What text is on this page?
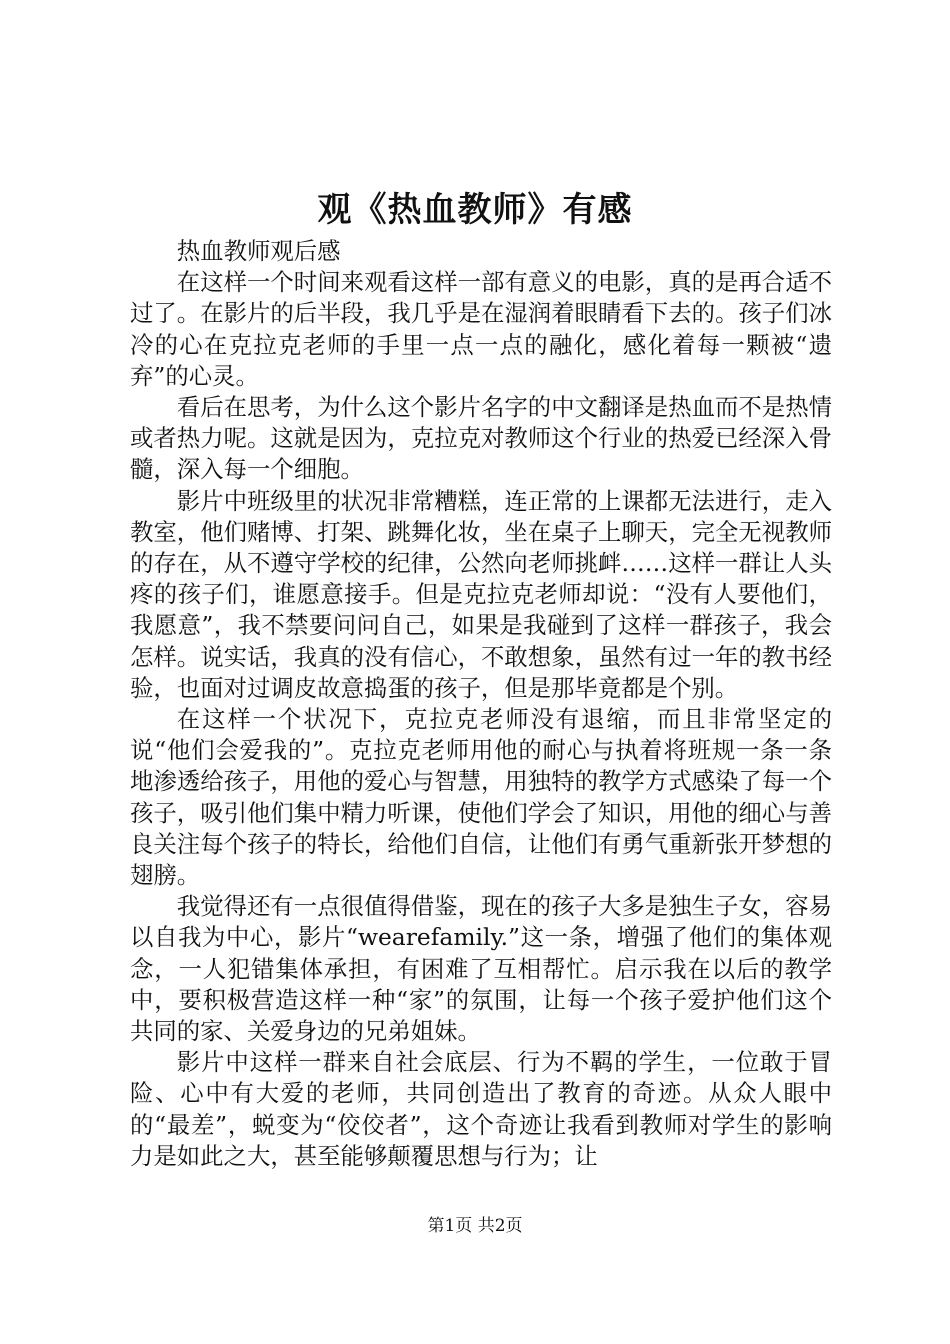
观《热血教师》有感

热血教师观后感

在这样一个时间来观看这样一部有意义的电影，真的是再合适不过了。在影片的后半段，我几乎是在湿润着眼睛看下去的。孩子们冰冷的心在克拉克老师的手里一点一点的融化，感化着每一颗被“遗弃”的心灵。

看后在思考，为什么这个影片名字的中文翻译是热血而不是热情或者热力呢。这就是因为，克拉克对教师这个行业的热爱已经深入骨髓，深入每一个细胞。

影片中班级里的状况非常糟糕，连正常的上课都无法进行，走入教室，他们赌博、打架、跳舞化妆，坐在桌子上聊天，完全无视教师的存在，从不遵守学校的纪律，公然向老师挑衅……这样一群让人头疼的孩子们，谁愿意接手。但是克拉克老师却说：“没有人要他们，我愿意”，我不禁要问问自己，如果是我碰到了这样一群孩子，我会怎样。说实话，我真的没有信心，不敢想象，虽然有过一年的教书经验，也面对过调皮故意捣蛋的孩子，但是那毕竟都是个别。

在这样一个状况下，克拉克老师没有退缩，而且非常坚定的说“他们会爱我的”。克拉克老师用他的耐心与执着将班规一条一条地渗透给孩子，用他的爱心与智慧，用独特的教学方式感染了每一个孩子，吸引他们集中精力听课，使他们学会了知识，用他的细心与善良关注每个孩子的特长，给他们自信，让他们有勇气重新张开梦想的翅膀。

我觉得还有一点很值得借鉴，现在的孩子大多是独生子女，容易以自我为中心，影片“wearefamily.”这一条，增强了他们的集体观念，一人犯错集体承担，有困难了互相帮忙。启示我在以后的教学中，要积极营造这样一种“家”的氛围，让每一个孩子爱护他们这个共同的家、关爱身边的兄弟姐妹。

影片中这样一群来自社会底层、行为不羁的学生，一位敢于冒险、心中有大爱的老师，共同创造出了教育的奇迹。从众人眼中的“最差”，蜕变为“佼佼者”，这个奇迹让我看到教师对学生的影响力是如此之大，甚至能够颠覆思想与行为；让

第1页 共2页
